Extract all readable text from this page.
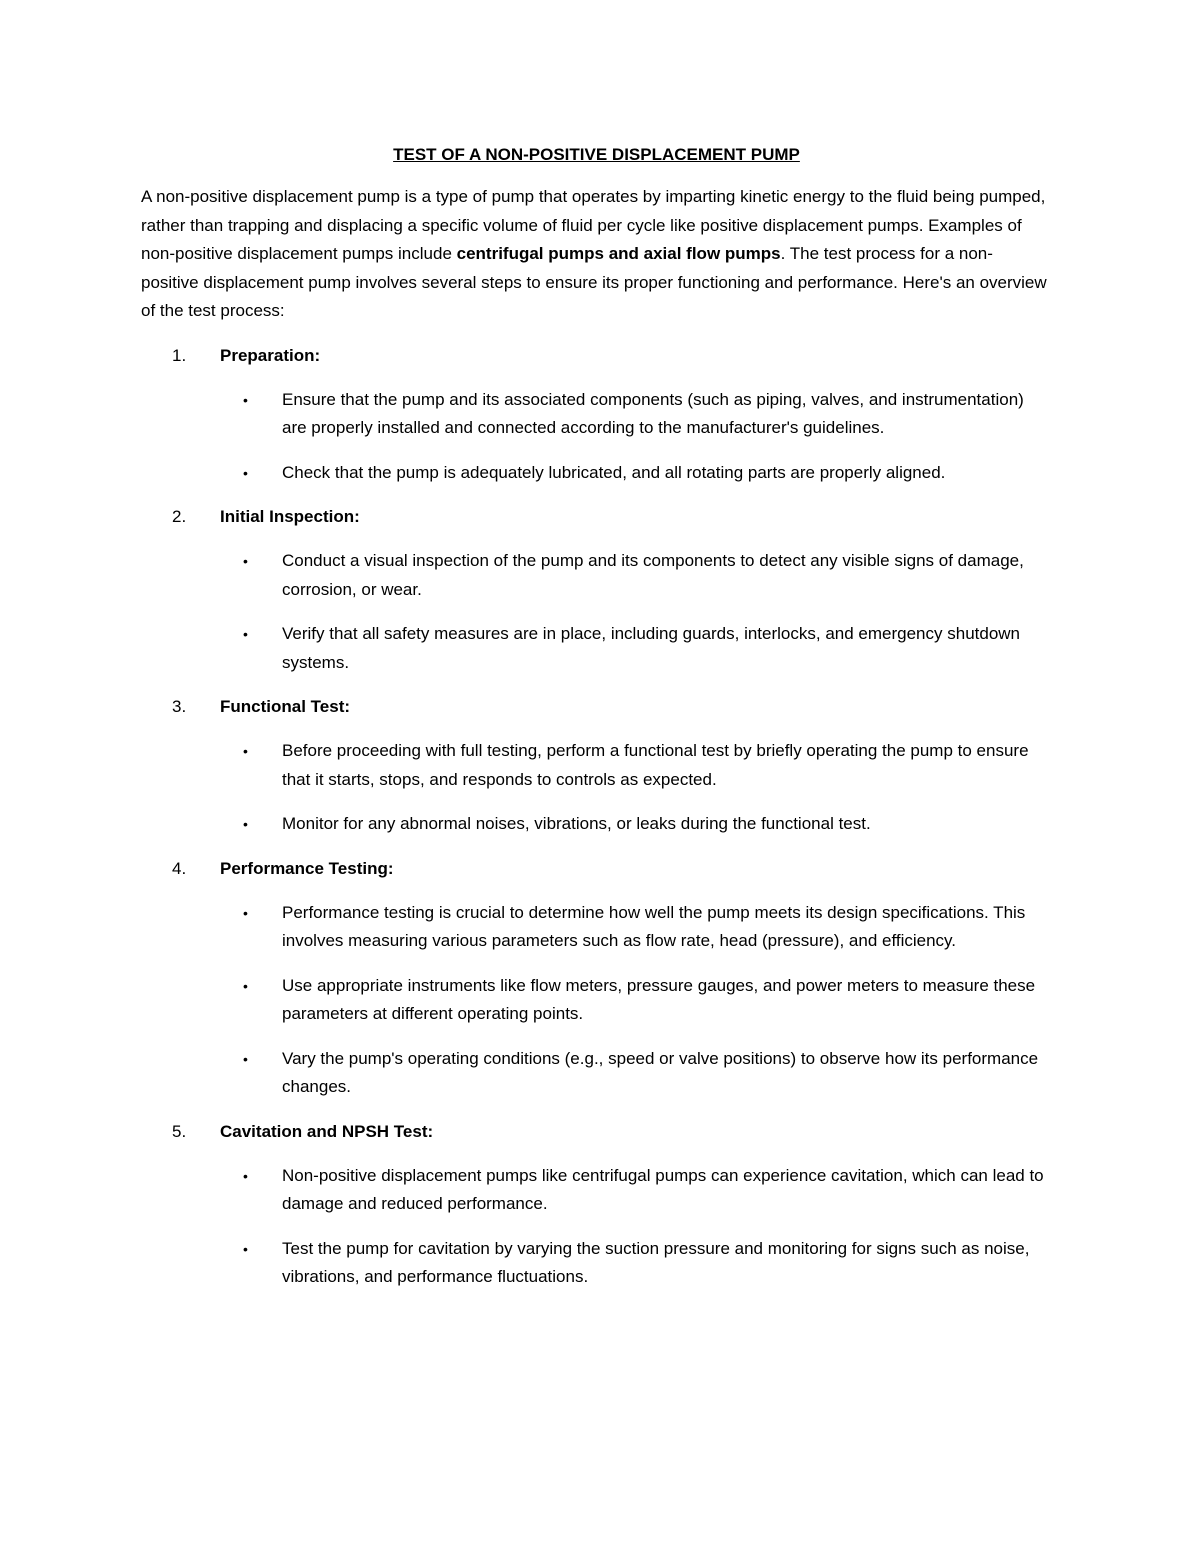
TEST OF A NON-POSITIVE DISPLACEMENT PUMP

A non-positive displacement pump is a type of pump that operates by imparting kinetic energy to the fluid being pumped, rather than trapping and displacing a specific volume of fluid per cycle like positive displacement pumps. Examples of non-positive displacement pumps include centrifugal pumps and axial flow pumps. The test process for a non-positive displacement pump involves several steps to ensure its proper functioning and performance. Here's an overview of the test process:

1.	Preparation:
•	Ensure that the pump and its associated components (such as piping, valves, and instrumentation) are properly installed and connected according to the manufacturer's guidelines.
•	Check that the pump is adequately lubricated, and all rotating parts are properly aligned.
2.	Initial Inspection:
•	Conduct a visual inspection of the pump and its components to detect any visible signs of damage, corrosion, or wear.
•	Verify that all safety measures are in place, including guards, interlocks, and emergency shutdown systems.
3.	Functional Test:
•	Before proceeding with full testing, perform a functional test by briefly operating the pump to ensure that it starts, stops, and responds to controls as expected.
•	Monitor for any abnormal noises, vibrations, or leaks during the functional test.
4.	Performance Testing:
•	Performance testing is crucial to determine how well the pump meets its design specifications. This involves measuring various parameters such as flow rate, head (pressure), and efficiency.
•	Use appropriate instruments like flow meters, pressure gauges, and power meters to measure these parameters at different operating points.
•	Vary the pump's operating conditions (e.g., speed or valve positions) to observe how its performance changes.
5.	Cavitation and NPSH Test:
•	Non-positive displacement pumps like centrifugal pumps can experience cavitation, which can lead to damage and reduced performance.
•	Test the pump for cavitation by varying the suction pressure and monitoring for signs such as noise, vibrations, and performance fluctuations.
